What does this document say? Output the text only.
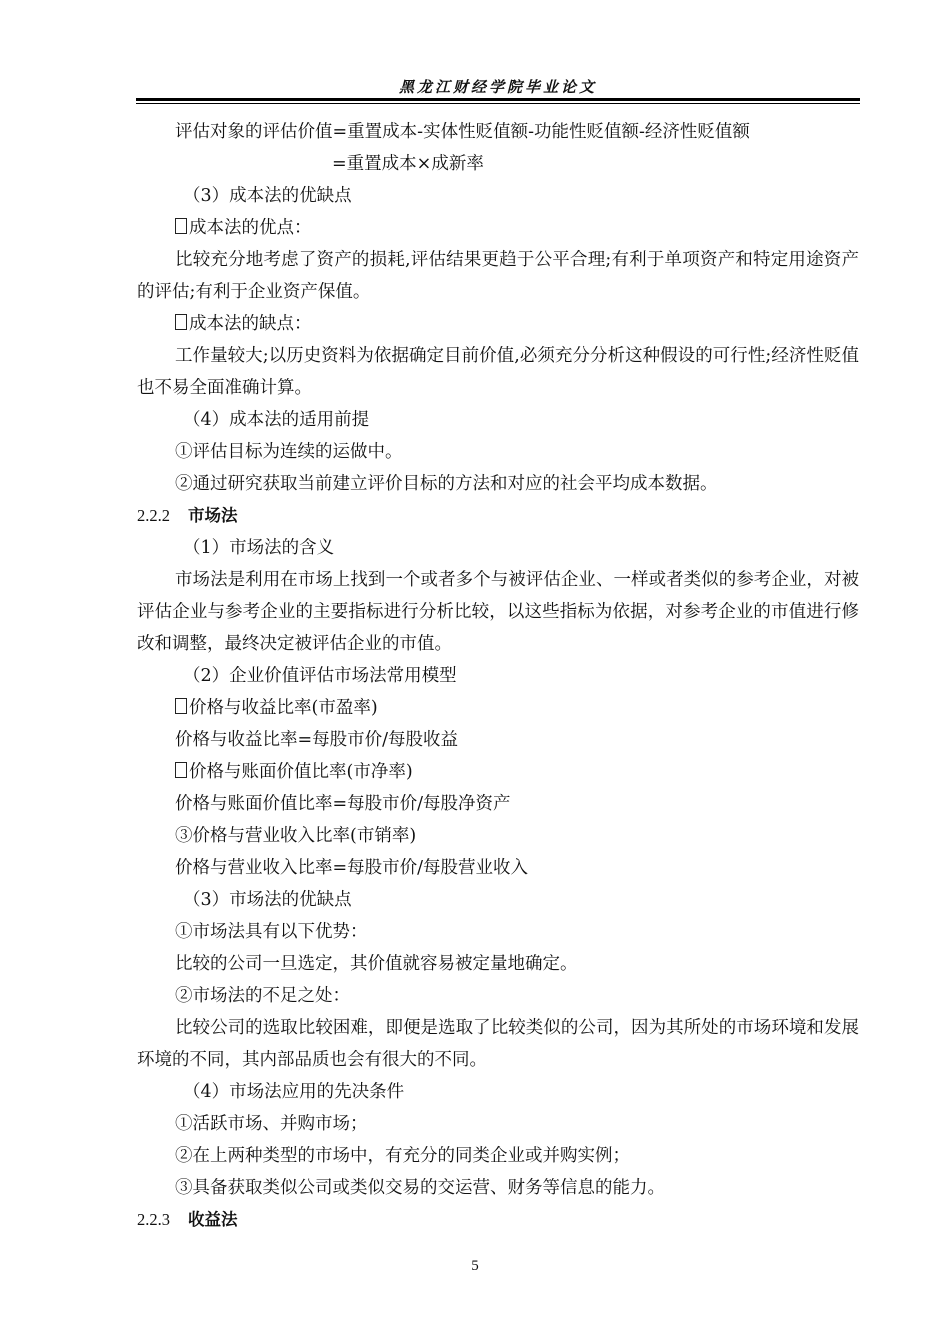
黑龙江财经学院毕业论文
评估对象的评估价值=重置成本-实体性贬值额-功能性贬值额-经济性贬值额
=重置成本×成新率
（3）成本法的优缺点
成本法的优点：
比较充分地考虑了资产的损耗,评估结果更趋于公平合理;有利于单项资产和特定用途资产的评估;有利于企业资产保值。
成本法的缺点：
工作量较大;以历史资料为依据确定目前价值,必须充分分析这种假设的可行性;经济性贬值也不易全面准确计算。
（4）成本法的适用前提
①评估目标为连续的运做中。
②通过研究获取当前建立评价目标的方法和对应的社会平均成本数据。
2.2.2 市场法
（1）市场法的含义
市场法是利用在市场上找到一个或者多个与被评估企业、一样或者类似的参考企业，对被评估企业与参考企业的主要指标进行分析比较，以这些指标为依据，对参考企业的市值进行修改和调整，最终决定被评估企业的市值。
（2）企业价值评估市场法常用模型
价格与收益比率(市盈率)
价格与收益比率=每股市价/每股收益
价格与账面价值比率(市净率)
价格与账面价值比率=每股市价/每股净资产
③价格与营业收入比率(市销率)
价格与营业收入比率=每股市价/每股营业收入
（3）市场法的优缺点
①市场法具有以下优势：
比较的公司一旦选定，其价值就容易被定量地确定。
②市场法的不足之处：
比较公司的选取比较困难，即便是选取了比较类似的公司，因为其所处的市场环境和发展环境的不同，其内部品质也会有很大的不同。
（4）市场法应用的先决条件
①活跃市场、并购市场；
②在上两种类型的市场中，有充分的同类企业或并购实例；
③具备获取类似公司或类似交易的交运营、财务等信息的能力。
2.2.3 收益法
5
